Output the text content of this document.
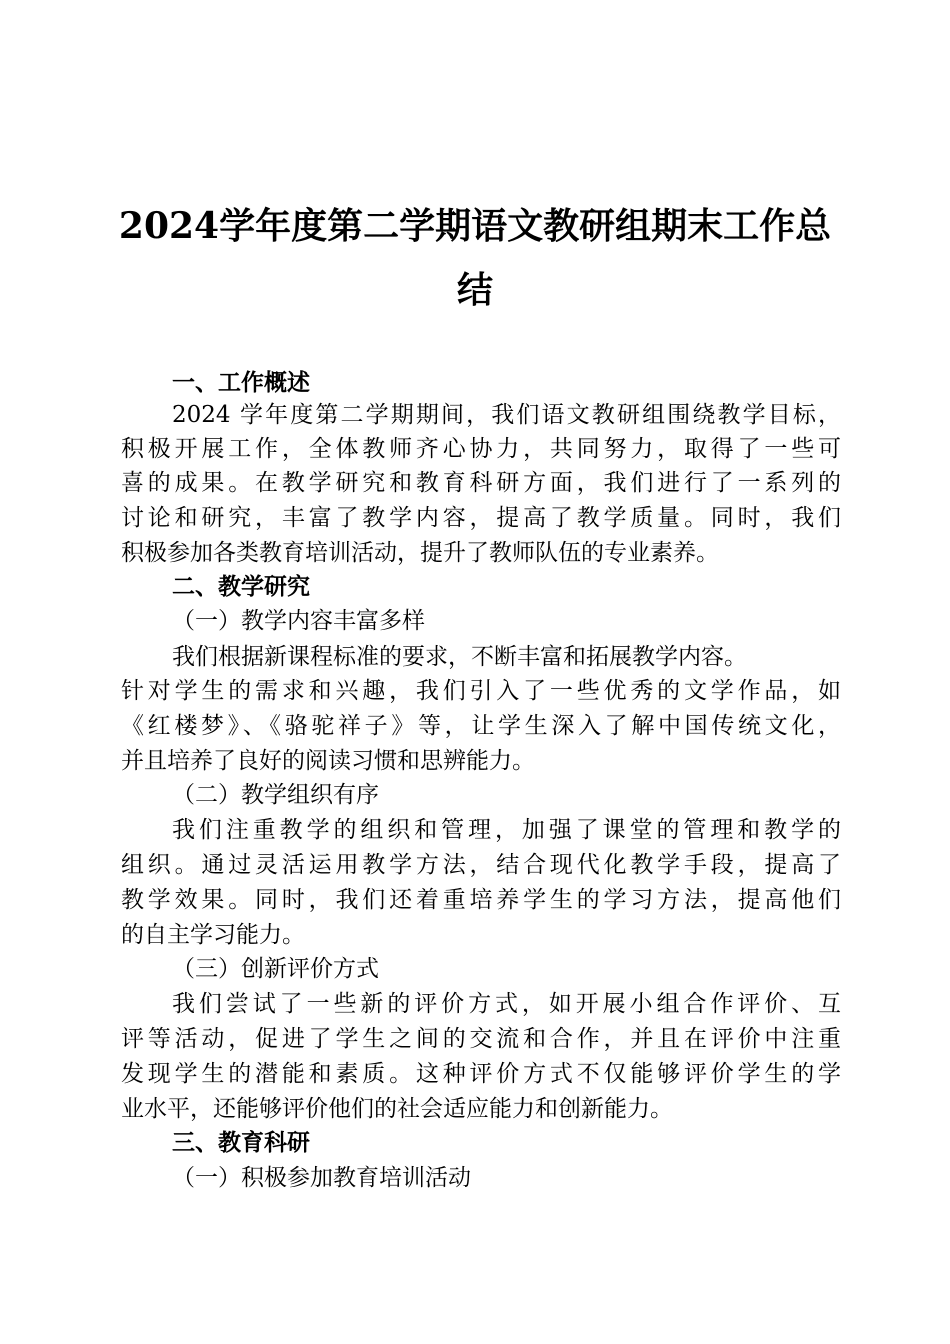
2024学年度第二学期语文教研组期末工作总
结
一、工作概述
2024 学年度第二学期期间，我们语文教研组围绕教学目标，
积极开展工作，全体教师齐心协力，共同努力，取得了一些可
喜的成果。在教学研究和教育科研方面，我们进行了一系列的
讨论和研究，丰富了教学内容，提高了教学质量。同时，我们
积极参加各类教育培训活动，提升了教师队伍的专业素养。
二、教学研究
（一）教学内容丰富多样
我们根据新课程标准的要求，不断丰富和拓展教学内容。
针对学生的需求和兴趣，我们引入了一些优秀的文学作品，如
《红楼梦》、《骆驼祥子》等，让学生深入了解中国传统文化，
并且培养了良好的阅读习惯和思辨能力。
（二）教学组织有序
我们注重教学的组织和管理，加强了课堂的管理和教学的
组织。通过灵活运用教学方法，结合现代化教学手段，提高了
教学效果。同时，我们还着重培养学生的学习方法，提高他们
的自主学习能力。
（三）创新评价方式
我们尝试了一些新的评价方式，如开展小组合作评价、互
评等活动，促进了学生之间的交流和合作，并且在评价中注重
发现学生的潜能和素质。这种评价方式不仅能够评价学生的学
业水平，还能够评价他们的社会适应能力和创新能力。
三、教育科研
（一）积极参加教育培训活动
